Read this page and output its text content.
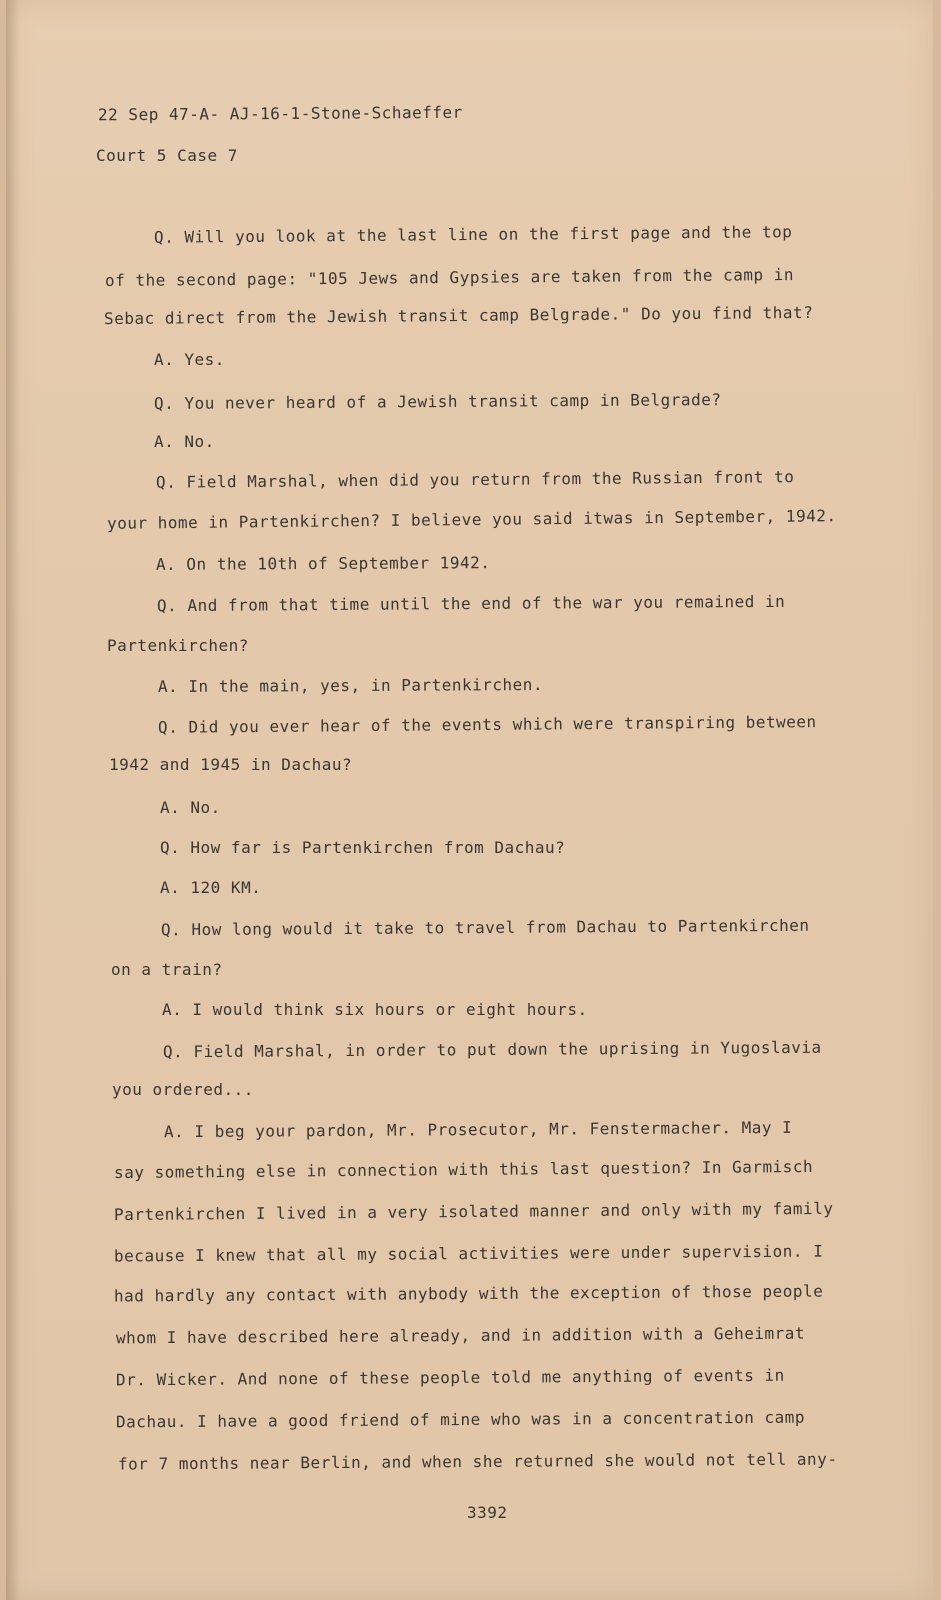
22 Sep 47-A- AJ-16-1-Stone-Schaeffer
Court 5 Case 7
Q. Will you look at the last line on the first page and the top
of the second page: "105 Jews and Gypsies are taken from the camp in
Sebac direct from the Jewish transit camp Belgrade." Do you find that?
A. Yes.
Q. You never heard of a Jewish transit camp in Belgrade?
A. No.
Q. Field Marshal, when did you return from the Russian front to
your home in Partenkirchen? I believe you said itwas in September, 1942.
A. On the 10th of September 1942.
Q. And from that time until the end of the war you remained in
Partenkirchen?
A. In the main, yes, in Partenkirchen.
Q. Did you ever hear of the events which were transpiring between
1942 and 1945 in Dachau?
A. No.
Q. How far is Partenkirchen from Dachau?
A. 120 KM.
Q. How long would it take to travel from Dachau to Partenkirchen
on a train?
A. I would think six hours or eight hours.
Q. Field Marshal, in order to put down the uprising in Yugoslavia
you ordered...
A. I beg your pardon, Mr. Prosecutor, Mr. Fenstermacher. May I
say something else in connection with this last question? In Garmisch
Partenkirchen I lived in a very isolated manner and only with my family
because I knew that all my social activities were under supervision. I
had hardly any contact with anybody with the exception of those people
whom I have described here already, and in addition with a Geheimrat
Dr. Wicker. And none of these people told me anything of events in
Dachau. I have a good friend of mine who was in a concentration camp
for 7 months near Berlin, and when she returned she would not tell any-
3392
